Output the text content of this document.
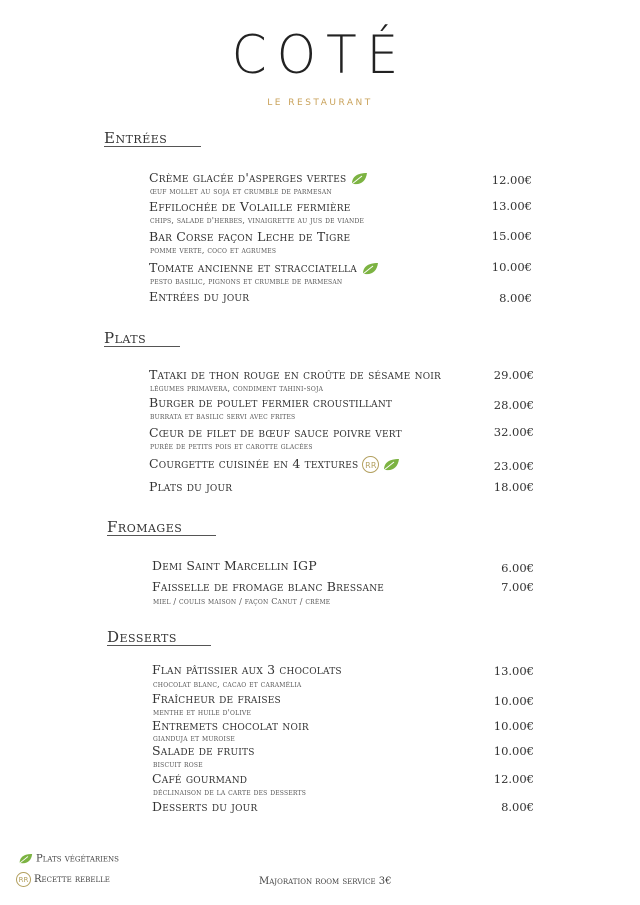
COTÉ
LE RESTAURANT
Entrées
Crème glacée d'asperges vertes
œuf mollet au soja et crumble de parmesan
12.00€
Effilochée de Volaille fermière
chips, salade d'herbes, vinaigrette au jus de viande
13.00€
Bar Corse façon Leche de Tigre
pomme verte, coco et agrumes
15.00€
Tomate ancienne et stracciatella
pesto basilic, pignons et crumble de parmesan
10.00€
Entrées du jour	8.00€
Plats
Tataki de thon rouge en croûte de sésame noir
légumes primavera, condiment tahini-soja
29.00€
Burger de poulet fermier croustillant
burrata et basilic servi avec frites
28.00€
Cœur de filet de bœuf sauce poivre vert
purée de petits pois et carotte glacées
32.00€
Courgette cuisinée en 4 textures RR	23.00€
Plats du jour	18.00€
Fromages
Demi Saint Marcellin IGP	6.00€
Faisselle de fromage blanc Bressane
miel / coulis maison / façon Canut / crème
7.00€
Desserts
Flan pâtissier aux 3 chocolats
chocolat blanc, cacao et caramélia
13.00€
Fraîcheur de fraises
menthe et huile d'olive
10.00€
Entremets chocolat noir
gianduja et muroise
10.00€
Salade de fruits
biscuit rose
10.00€
Café gourmand
déclinaison de la carte des desserts
12.00€
Desserts du jour	8.00€
Plats végétariens
RR Recette rebelle	Majoration room service 3€
